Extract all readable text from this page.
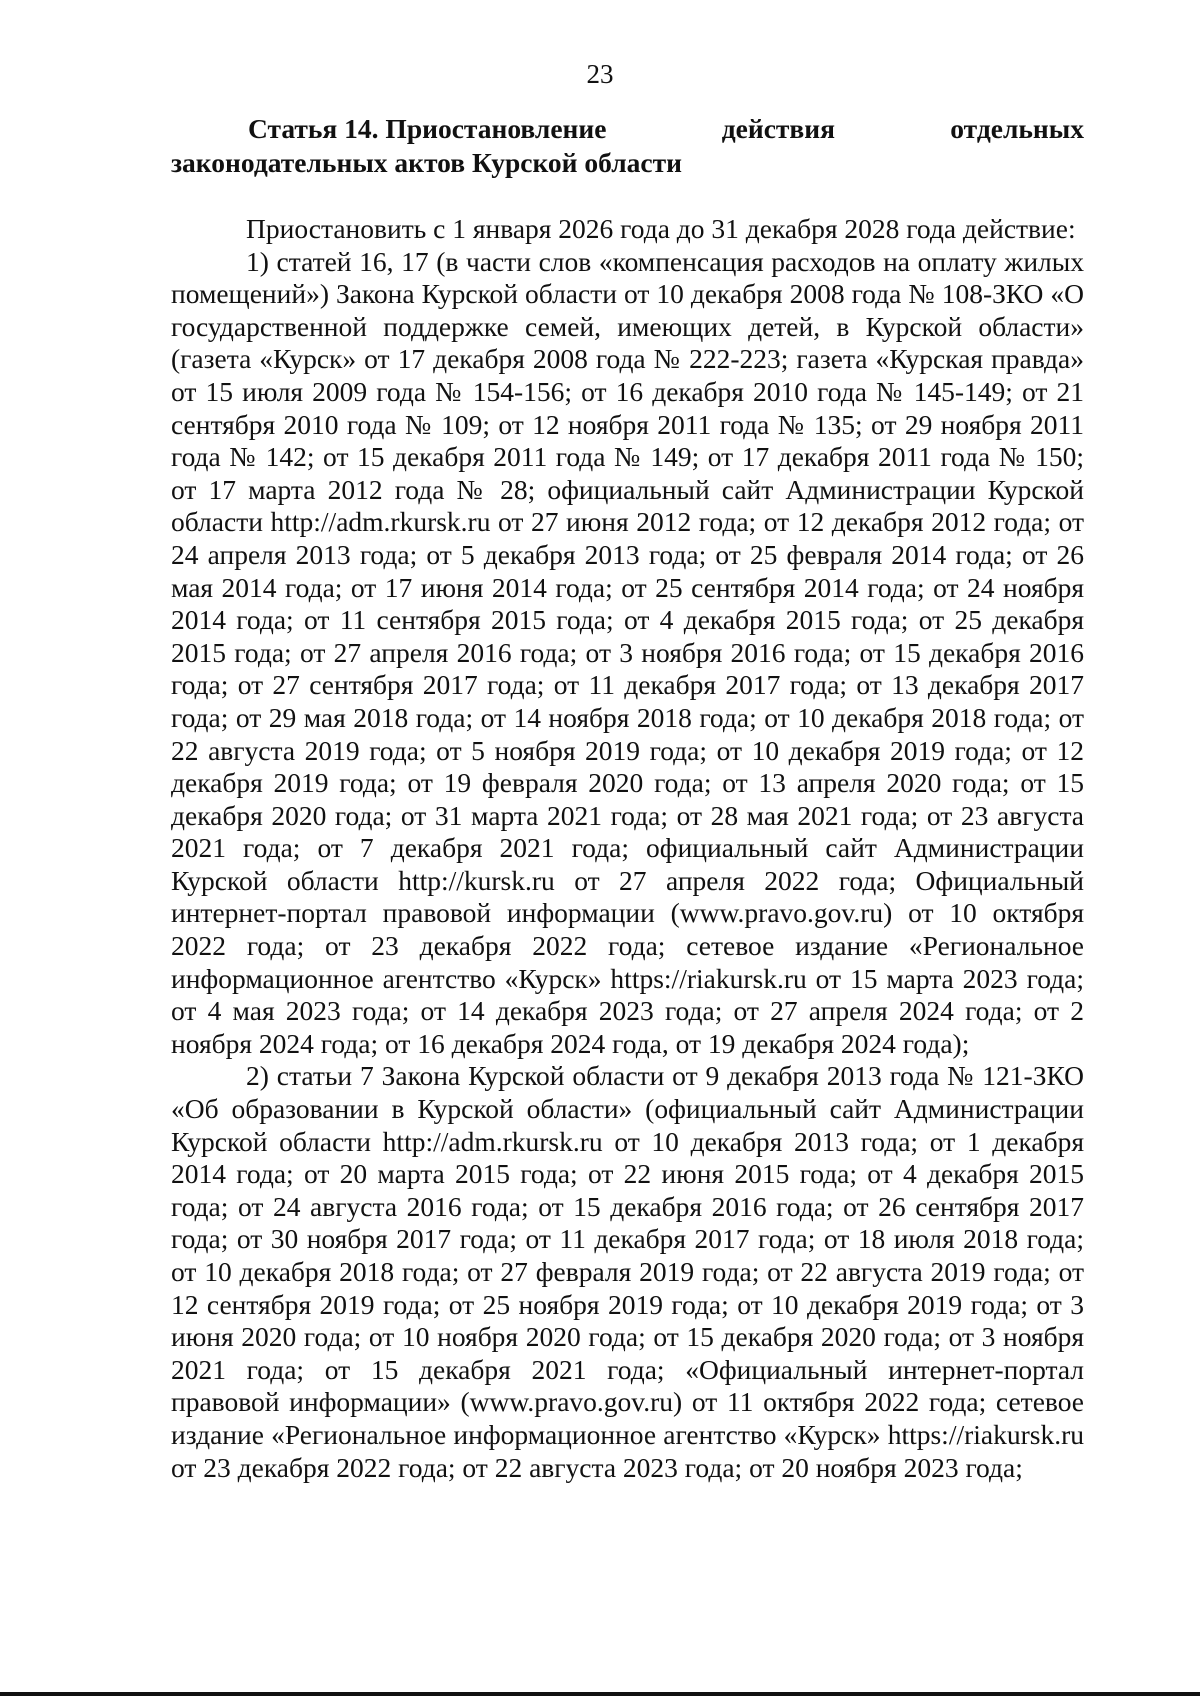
23
Статья 14. Приостановление	действия	отдельных
законодательных актов Курской области

Приостановить с 1 января 2026 года до 31 декабря 2028 года действие:

1) статей 16, 17 (в части слов «компенсация расходов на оплату жилых помещений») Закона Курской области от 10 декабря 2008 года № 108-ЗКО «О государственной поддержке семей, имеющих детей, в Курской области» (газета «Курск» от 17 декабря 2008 года № 222-223; газета «Курская правда» от 15 июля 2009 года № 154-156; от 16 декабря 2010 года № 145-149; от 21 сентября 2010 года № 109; от 12 ноября 2011 года № 135; от 29 ноября 2011 года № 142; от 15 декабря 2011 года № 149; от 17 декабря 2011 года № 150; от 17 марта 2012 года № 28; официальный сайт Администрации Курской области http://adm.rkursk.ru от 27 июня 2012 года; от 12 декабря 2012 года; от 24 апреля 2013 года; от 5 декабря 2013 года; от 25 февраля 2014 года; от 26 мая 2014 года; от 17 июня 2014 года; от 25 сентября 2014 года; от 24 ноября 2014 года; от 11 сентября 2015 года; от 4 декабря 2015 года; от 25 декабря 2015 года; от 27 апреля 2016 года; от 3 ноября 2016 года; от 15 декабря 2016 года; от 27 сентября 2017 года; от 11 декабря 2017 года; от 13 декабря 2017 года; от 29 мая 2018 года; от 14 ноября 2018 года; от 10 декабря 2018 года; от 22 августа 2019 года; от 5 ноября 2019 года; от 10 декабря 2019 года; от 12 декабря 2019 года; от 19 февраля 2020 года; от 13 апреля 2020 года; от 15 декабря 2020 года; от 31 марта 2021 года; от 28 мая 2021 года; от 23 августа 2021 года; от 7 декабря 2021 года; официальный сайт Администрации Курской области http://kursk.ru от 27 апреля 2022 года; Официальный интернет-портал правовой информации (www.pravo.gov.ru) от 10 октября 2022 года; от 23 декабря 2022 года; сетевое издание «Региональное информационное агентство «Курск» https://riakursk.ru от 15 марта 2023 года; от 4 мая 2023 года; от 14 декабря 2023 года; от 27 апреля 2024 года; от 2 ноября 2024 года; от 16 декабря 2024 года, от 19 декабря 2024 года);

2) статьи 7 Закона Курской области от 9 декабря 2013 года № 121-ЗКО «Об образовании в Курской области» (официальный сайт Администрации Курской области http://adm.rkursk.ru от 10 декабря 2013 года; от 1 декабря 2014 года; от 20 марта 2015 года; от 22 июня 2015 года; от 4 декабря 2015 года; от 24 августа 2016 года; от 15 декабря 2016 года; от 26 сентября 2017 года; от 30 ноября 2017 года; от 11 декабря 2017 года; от 18 июля 2018 года; от 10 декабря 2018 года; от 27 февраля 2019 года; от 22 августа 2019 года; от 12 сентября 2019 года; от 25 ноября 2019 года; от 10 декабря 2019 года; от 3 июня 2020 года; от 10 ноября 2020 года; от 15 декабря 2020 года; от 3 ноября 2021 года; от 15 декабря 2021 года; «Официальный интернет-портал правовой информации» (www.pravo.gov.ru) от 11 октября 2022 года; сетевое издание «Региональное информационное агентство «Курск» https://riakursk.ru от 23 декабря 2022 года; от 22 августа 2023 года; от 20 ноября 2023 года;
